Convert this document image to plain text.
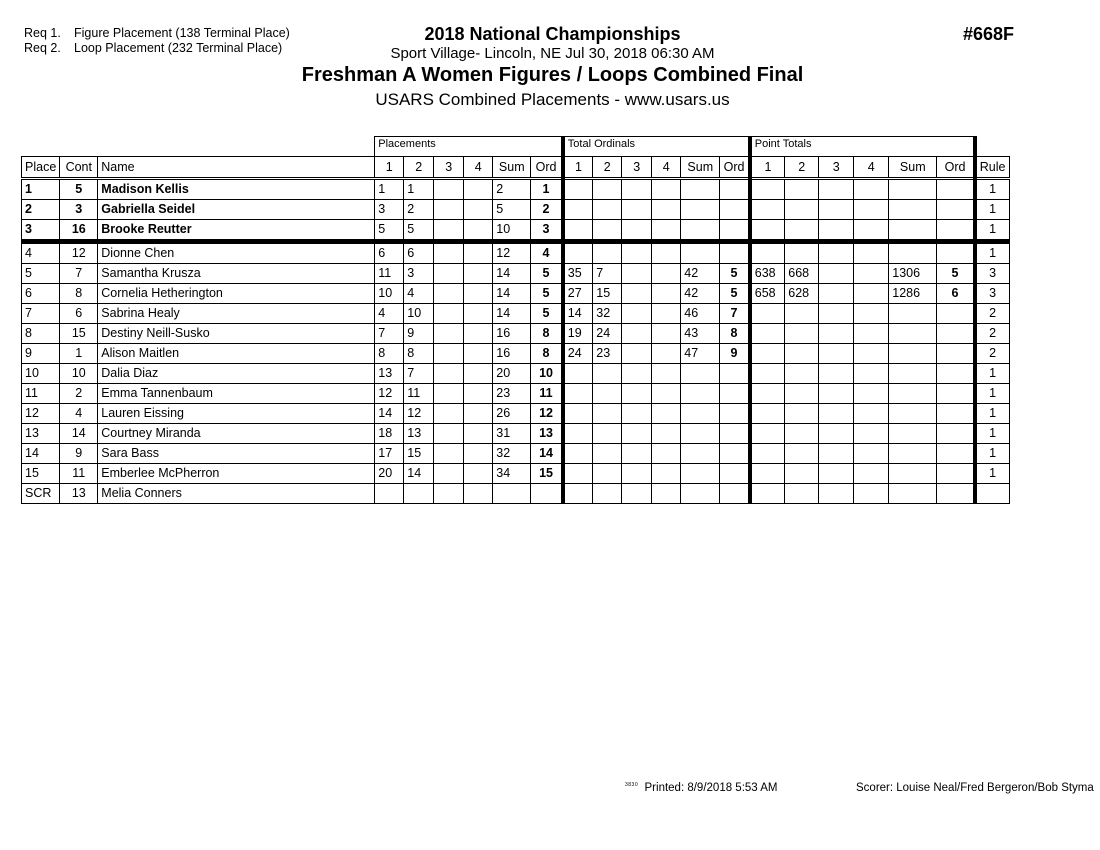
Req 1. Figure Placement (138 Terminal Place)
Req 2. Loop Placement (232 Terminal Place)
2018 National Championships
Sport Village- Lincoln, NE Jul 30, 2018 06:30 AM
Freshman A Women Figures / Loops Combined Final
USARS Combined Placements - www.usars.us
#668F
			Placements						Total Ordinals						Point Totals						
Place	Cont	Name	1	2	3	4	Sum	Ord	1	2	3	4	Sum	Ord	1	2	3	4	Sum	Ord	Rule
1	5	Madison Kellis	1	1			2	1													1
2	3	Gabriella Seidel	3	2			5	2													1
3	16	Brooke Reutter	5	5			10	3													1
4	12	Dionne Chen	6	6			12	4													1
5	7	Samantha Krusza	11	3			14	5	35	7			42	5	638	668			1306	5	3
6	8	Cornelia Hetherington	10	4			14	5	27	15			42	5	658	628			1286	6	3
7	6	Sabrina Healy	4	10			14	5	14	32			46	7							2
8	15	Destiny Neill-Susko	7	9			16	8	19	24			43	8							2
9	1	Alison Maitlen	8	8			16	8	24	23			47	9							2
10	10	Dalia Diaz	13	7			20	10													1
11	2	Emma Tannenbaum	12	11			23	11													1
12	4	Lauren Eissing	14	12			26	12													1
13	14	Courtney Miranda	18	13			31	13													1
14	9	Sara Bass	17	15			32	14													1
15	11	Emberlee McPherron	20	14			34	15													1
SCR	13	Melia Conners																			
$^{3830}$ Printed: 8/9/2018 5:53 AM	Scorer: Louise Neal/Fred Bergeron/Bob Styma
